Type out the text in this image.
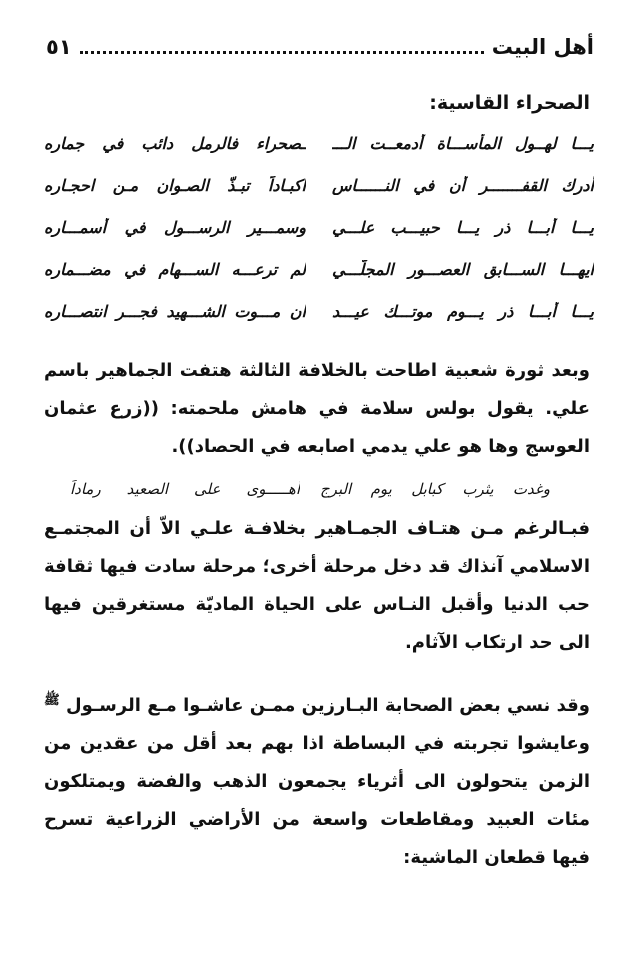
أهل البيت
٥١
الصحراء القاسية:
يـــا لهــول المأســـاة أدمعــت الـــ
ـصحراء فالرمل دائب في جماره
أدرك القفـــــــر أن في النــــــاس
اكبـاداً تبـذّ الصـوان مـن احجـاره
يـــا أبـــا ذر يـــا حبيـــب علـــي
وسمـــير الرســـول في أسمـــاره
ايهـــا الســـابق العصـــور المجلّـــي
لم ترعـــه الســـهام في مضـــماره
يـــا أبـــا ذر يـــوم موتـــك عيـــد
ان مـــوت الشـــهيد فجـــر انتصـــاره

وبعد ثورة شعبية اطاحت بالخلافة الثالثة هتفت الجماهير باسم علي. يقول بولس سلامة في هامش ملحمته: ((زرع عثمان العوسج وها هو علي يدمي اصابعه في الحصاد)).

وغدت يثرب كبابل يوم البرج
أهـــــوى على الصعيد رماداً

فبـالرغم مـن هتـاف الجمـاهير بخلافـة علـي الاّ أن المجتمـع الاسلامي آنذاك قد دخل مرحلة أخرى؛ مرحلة سادت فيها ثقافة حب الدنيا وأقبل النـاس على الحياة الماديّة مستغرقين فيها الى حد ارتكاب الآثام.

وقد نسي بعض الصحابة البـارزين ممـن عاشـوا مـع الرسـول $^ﷺ$ وعايشوا تجربته في البساطة اذا بهم بعد أقل من عقدين من الزمن يتحولون الى أثرياء يجمعون الذهب والفضة ويمتلكون مئات العبيد ومقاطعات واسعة من الأراضي الزراعية تسرح فيها قطعان الماشية:
